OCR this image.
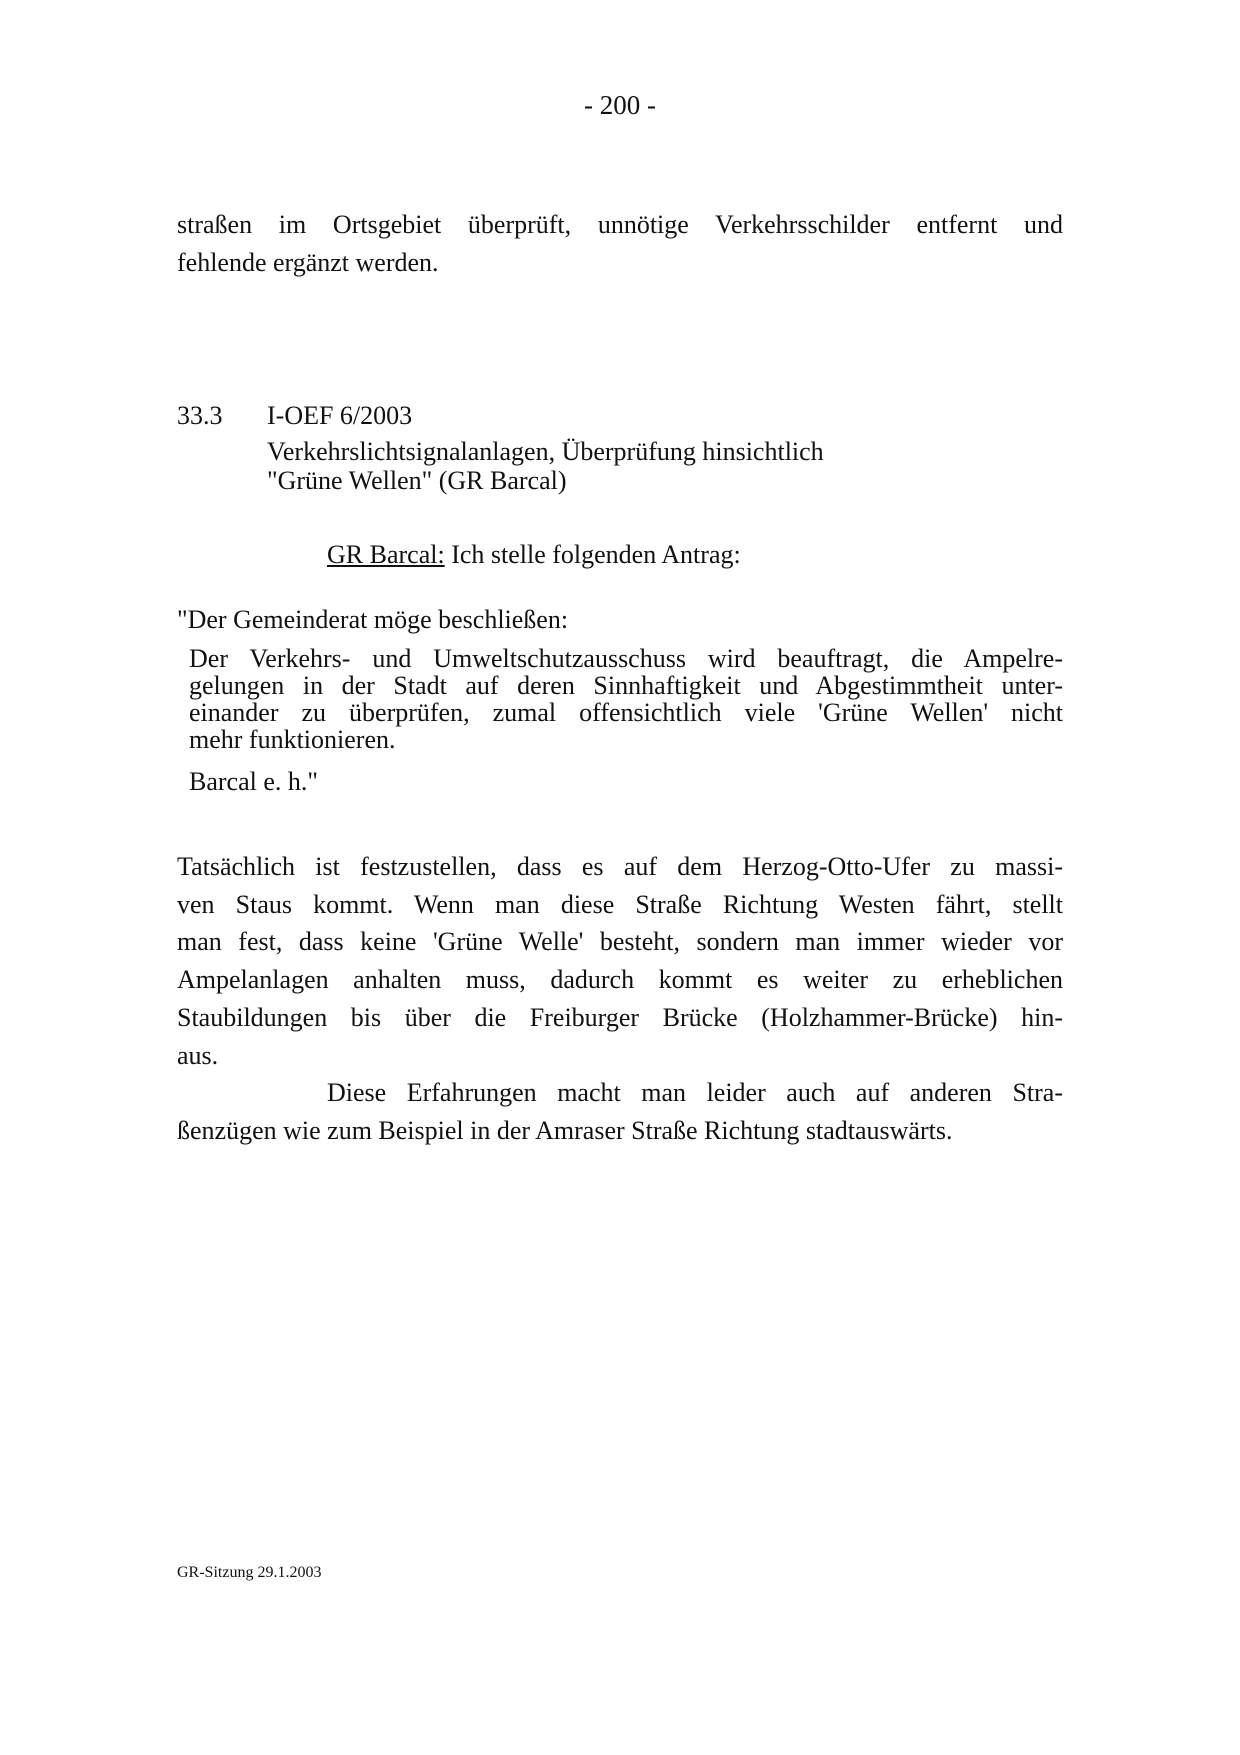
- 200 -
straßen im Ortsgebiet überprüft, unnötige Verkehrsschilder entfernt und
fehlende ergänzt werden.
33.3 I-OEF 6/2003
Verkehrslichtsignalanlagen, Überprüfung hinsichtlich
"Grüne Wellen" (GR Barcal)
GR Barcal: Ich stelle folgenden Antrag:
"Der Gemeinderat möge beschließen:
Der Verkehrs- und Umweltschutzausschuss wird beauftragt, die Ampelre-
gelungen in der Stadt auf deren Sinnhaftigkeit und Abgestimmtheit unter-
einander zu überprüfen, zumal offensichtlich viele 'Grüne Wellen' nicht
mehr funktionieren.
Barcal e. h."
Tatsächlich ist festzustellen, dass es auf dem Herzog-Otto-Ufer zu massi-
ven Staus kommt. Wenn man diese Straße Richtung Westen fährt, stellt
man fest, dass keine 'Grüne Welle' besteht, sondern man immer wieder vor
Ampelanlagen anhalten muss, dadurch kommt es weiter zu erheblichen
Staubildungen bis über die Freiburger Brücke (Holzhammer-Brücke) hin-
aus.
Diese Erfahrungen macht man leider auch auf anderen Stra-
ßenzügen wie zum Beispiel in der Amraser Straße Richtung stadtauswärts.
GR-Sitzung 29.1.2003
